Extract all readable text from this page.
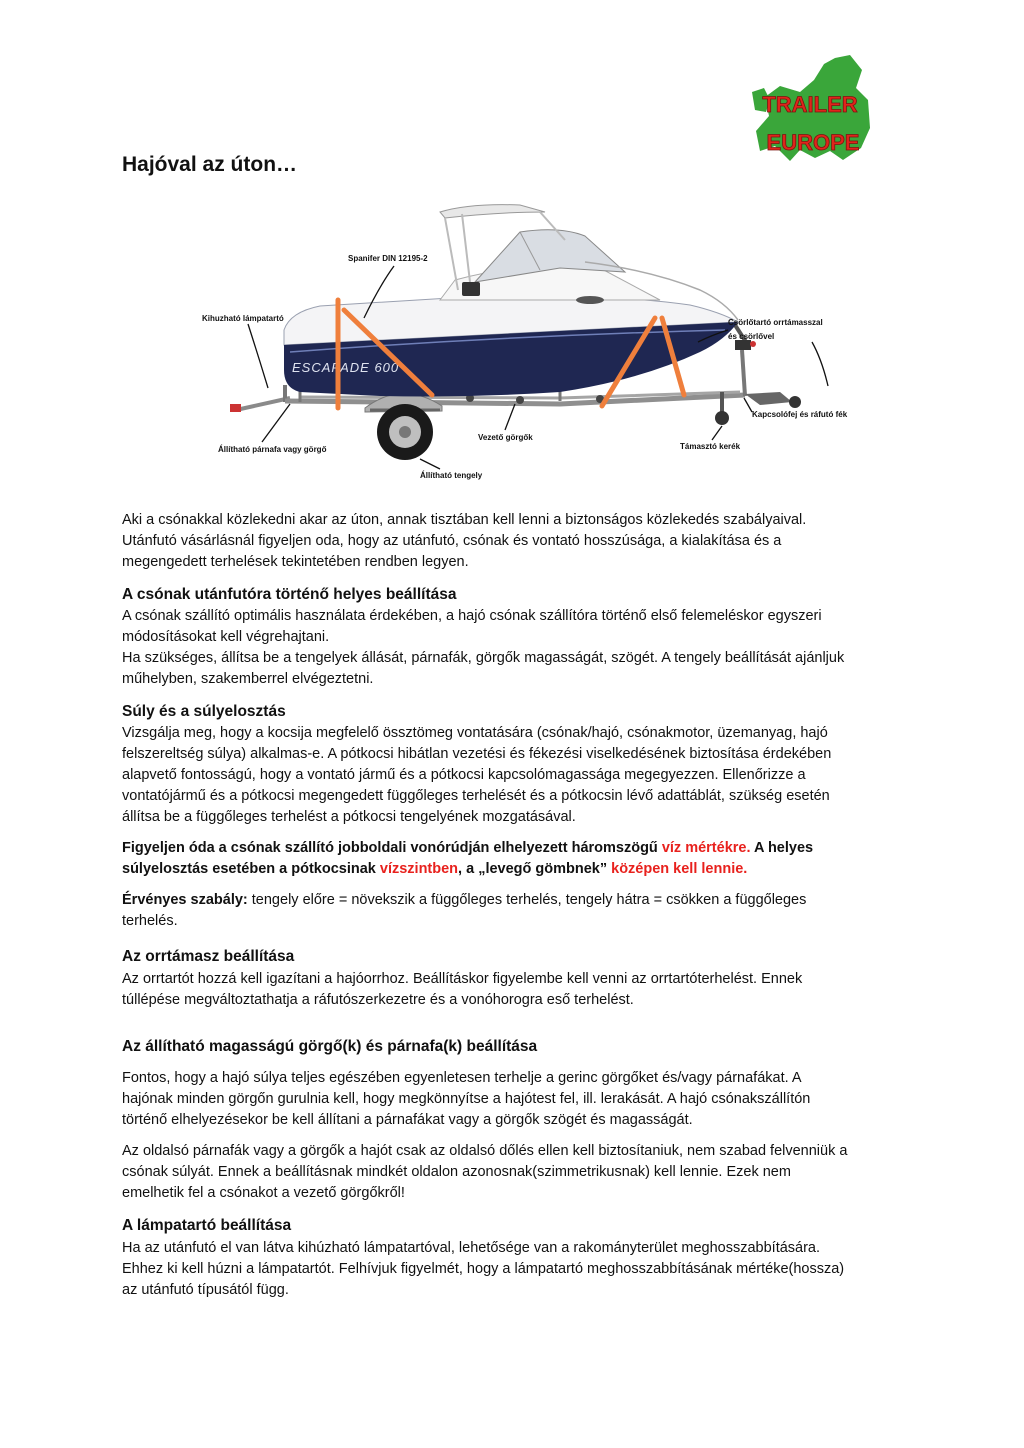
TRAILER
EUROPE
Hajóval az úton…
ESCAPADE 600
Spanifer DIN 12195-2
Kihuzható lámpatartó	Csörlőtartó orrtámasszal
és csörlővel
Kapcsolófej és ráfutó fék
Állítható párnafa vagy görgő
Vezető görgők
Támasztó kerék
Állítható tengely
Aki a csónakkal közlekedni akar az úton, annak tisztában kell lenni a biztonságos közlekedés szabályaival.
Utánfutó vásárlásnál figyeljen oda, hogy az utánfutó, csónak és vontató hosszúsága, a kialakítása és a
megengedett terhelések tekintetében rendben legyen.
A csónak utánfutóra történő helyes beállítása
A csónak szállító optimális használata érdekében, a hajó csónak szállítóra történő első felemeléskor egyszeri
módosításokat kell végrehajtani.
Ha szükséges, állítsa be a tengelyek állását, párnafák, görgők magasságát, szögét. A tengely beállítását ajánljuk
műhelyben, szakemberrel elvégeztetni.
Súly és a súlyelosztás
Vizsgálja meg, hogy a kocsija megfelelő össztömeg vontatására (csónak/hajó, csónakmotor, üzemanyag, hajó
felszereltség súlya) alkalmas-e. A pótkocsi hibátlan vezetési és fékezési viselkedésének biztosítása érdekében
alapvető fontosságú, hogy a vontató jármű és a pótkocsi kapcsolómagassága megegyezzen. Ellenőrizze a
vontatójármű és a pótkocsi megengedett függőleges terhelését és a pótkocsin lévő adattáblát, szükség esetén
állítsa be a függőleges terhelést a pótkocsi tengelyének mozgatásával.
Figyeljen óda a csónak szállító jobboldali vonórúdján elhelyezett háromszögű víz mértékre. A helyes
súlyelosztás esetében a pótkocsinak vízszintben, a „levegő gömbnek” középen kell lennie.
Érvényes szabály: tengely előre = növekszik a függőleges terhelés, tengely hátra = csökken a függőleges
terhelés.
Az orrtámasz beállítása
Az orrtartót hozzá kell igazítani a hajóorrhoz. Beállításkor figyelembe kell venni az orrtartóterhelést. Ennek
túllépése megváltoztathatja a ráfutószerkezetre és a vonóhorogra eső terhelést.
Az állítható magasságú görgő(k) és párnafa(k) beállítása
Fontos, hogy a hajó súlya teljes egészében egyenletesen terhelje a gerinc görgőket és/vagy párnafákat. A
hajónak minden görgőn gurulnia kell, hogy megkönnyítse a hajótest fel, ill. lerakását. A hajó csónakszállítón
történő elhelyezésekor be kell állítani a párnafákat vagy a görgők szögét és magasságát.
Az oldalsó párnafák vagy a görgők a hajót csak az oldalsó dőlés ellen kell biztosítaniuk, nem szabad felvenniük a
csónak súlyát. Ennek a beállításnak mindkét oldalon azonosnak(szimmetrikusnak) kell lennie. Ezek nem
emelhetik fel a csónakot a vezető görgőkről!
A lámpatartó beállítása
Ha az utánfutó el van látva kihúzható lámpatartóval, lehetősége van a rakományterület meghosszabbítására.
Ehhez ki kell húzni a lámpatartót. Felhívjuk figyelmét, hogy a lámpatartó meghosszabbításának mértéke(hossza)
az utánfutó típusától függ.
